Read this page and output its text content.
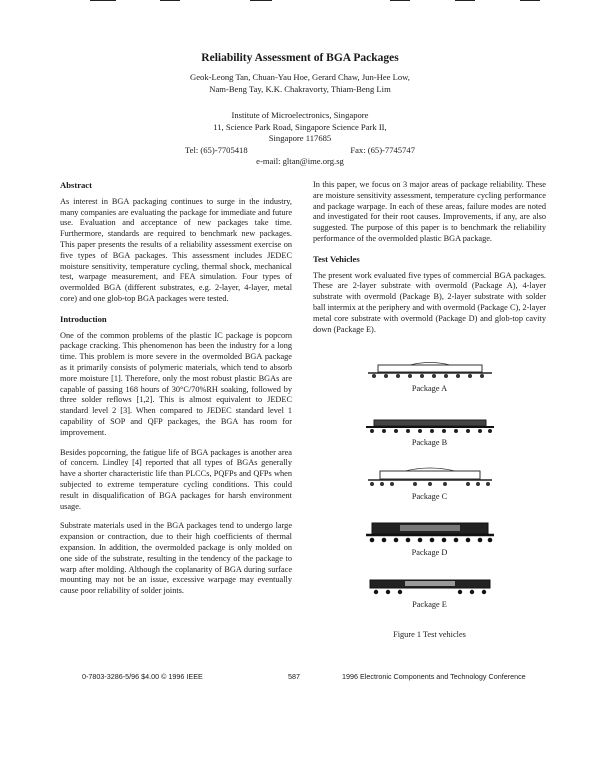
Reliability Assessment of BGA Packages
Geok-Leong Tan, Chuan-Yau Hoe, Gerard Chaw, Jun-Hee Low,
Nam-Beng Tay, K.K. Chakravorty, Thiam-Beng Lim
Institute of Microelectronics, Singapore
11, Science Park Road, Singapore Science Park II,
Singapore 117685
Tel: (65)-7705418	Fax: (65)-7745747
e-mail: gltan@ime.org.sg
Abstract

As interest in BGA packaging continues to surge in the industry, many companies are evaluating the package for immediate and future use. Evaluation and acceptance of new packages take time. Furthermore, standards are required to benchmark new packages. This paper presents the results of a reliability assessment exercise on five types of BGA packages. This assessment includes JEDEC moisture sensitivity, temperature cycling, thermal shock, mechanical test, warpage measurement, and FEA simulation. Four types of overmolded BGA (different substrates, e.g. 2-layer, 4-layer, metal core) and one glob-top BGA packages were tested.

Introduction

One of the common problems of the plastic IC package is popcorn package cracking. This phenomenon has been the industry for a long time. This problem is more severe in the overmolded BGA package as it primarily consists of polymeric materials, which tend to absorb more moisture [1]. Therefore, only the most robust plastic BGAs are capable of passing 168 hours of 30°C/70%RH soaking, followed by three solder reflows [1,2]. This is almost equivalent to JEDEC standard level 2 [3]. When compared to JEDEC standard level 1 capability of SOP and QFP packages, the BGA has room for improvement.

Besides popcorning, the fatigue life of BGA packages is another area of concern. Lindley [4] reported that all types of BGAs generally have a shorter characteristic life than PLCCs, PQFPs and QFPs when subjected to extreme temperature cycling conditions. This could result in disqualification of BGA packages for harsh environment usage.

Substrate materials used in the BGA packages tend to undergo large expansion or contraction, due to their high coefficients of thermal expansion. In addition, the overmolded package is only molded on one side of the substrate, resulting in the tendency of the package to warp after molding. Although the coplanarity of BGA during surface mounting may not be an issue, excessive warpage may eventually cause poor reliability of solder joints.

In this paper, we focus on 3 major areas of package reliability. These are moisture sensitivity assessment, temperature cycling performance and package warpage. In each of these areas, failure modes are noted and investigated for their root causes. Improvements, if any, are also suggested. The purpose of this paper is to benchmark the reliability performance of the overmolded plastic BGA package.

Test Vehicles

The present work evaluated five types of commercial BGA packages. These are 2-layer substrate with overmold (Package A), 4-layer substrate with overmold (Package B), 2-layer substrate with solder ball intermix at the periphery and with overmold (Package C), 2-layer metal core substrate with overmold (Package D) and glob-top cavity down (Package E).

Package A
Package B
Package C
Package D
Package E
Figure 1 Test vehicles
0-7803-3286-5/96 $4.00 © 1996 IEEE	587	1996 Electronic Components and Technology Conference
